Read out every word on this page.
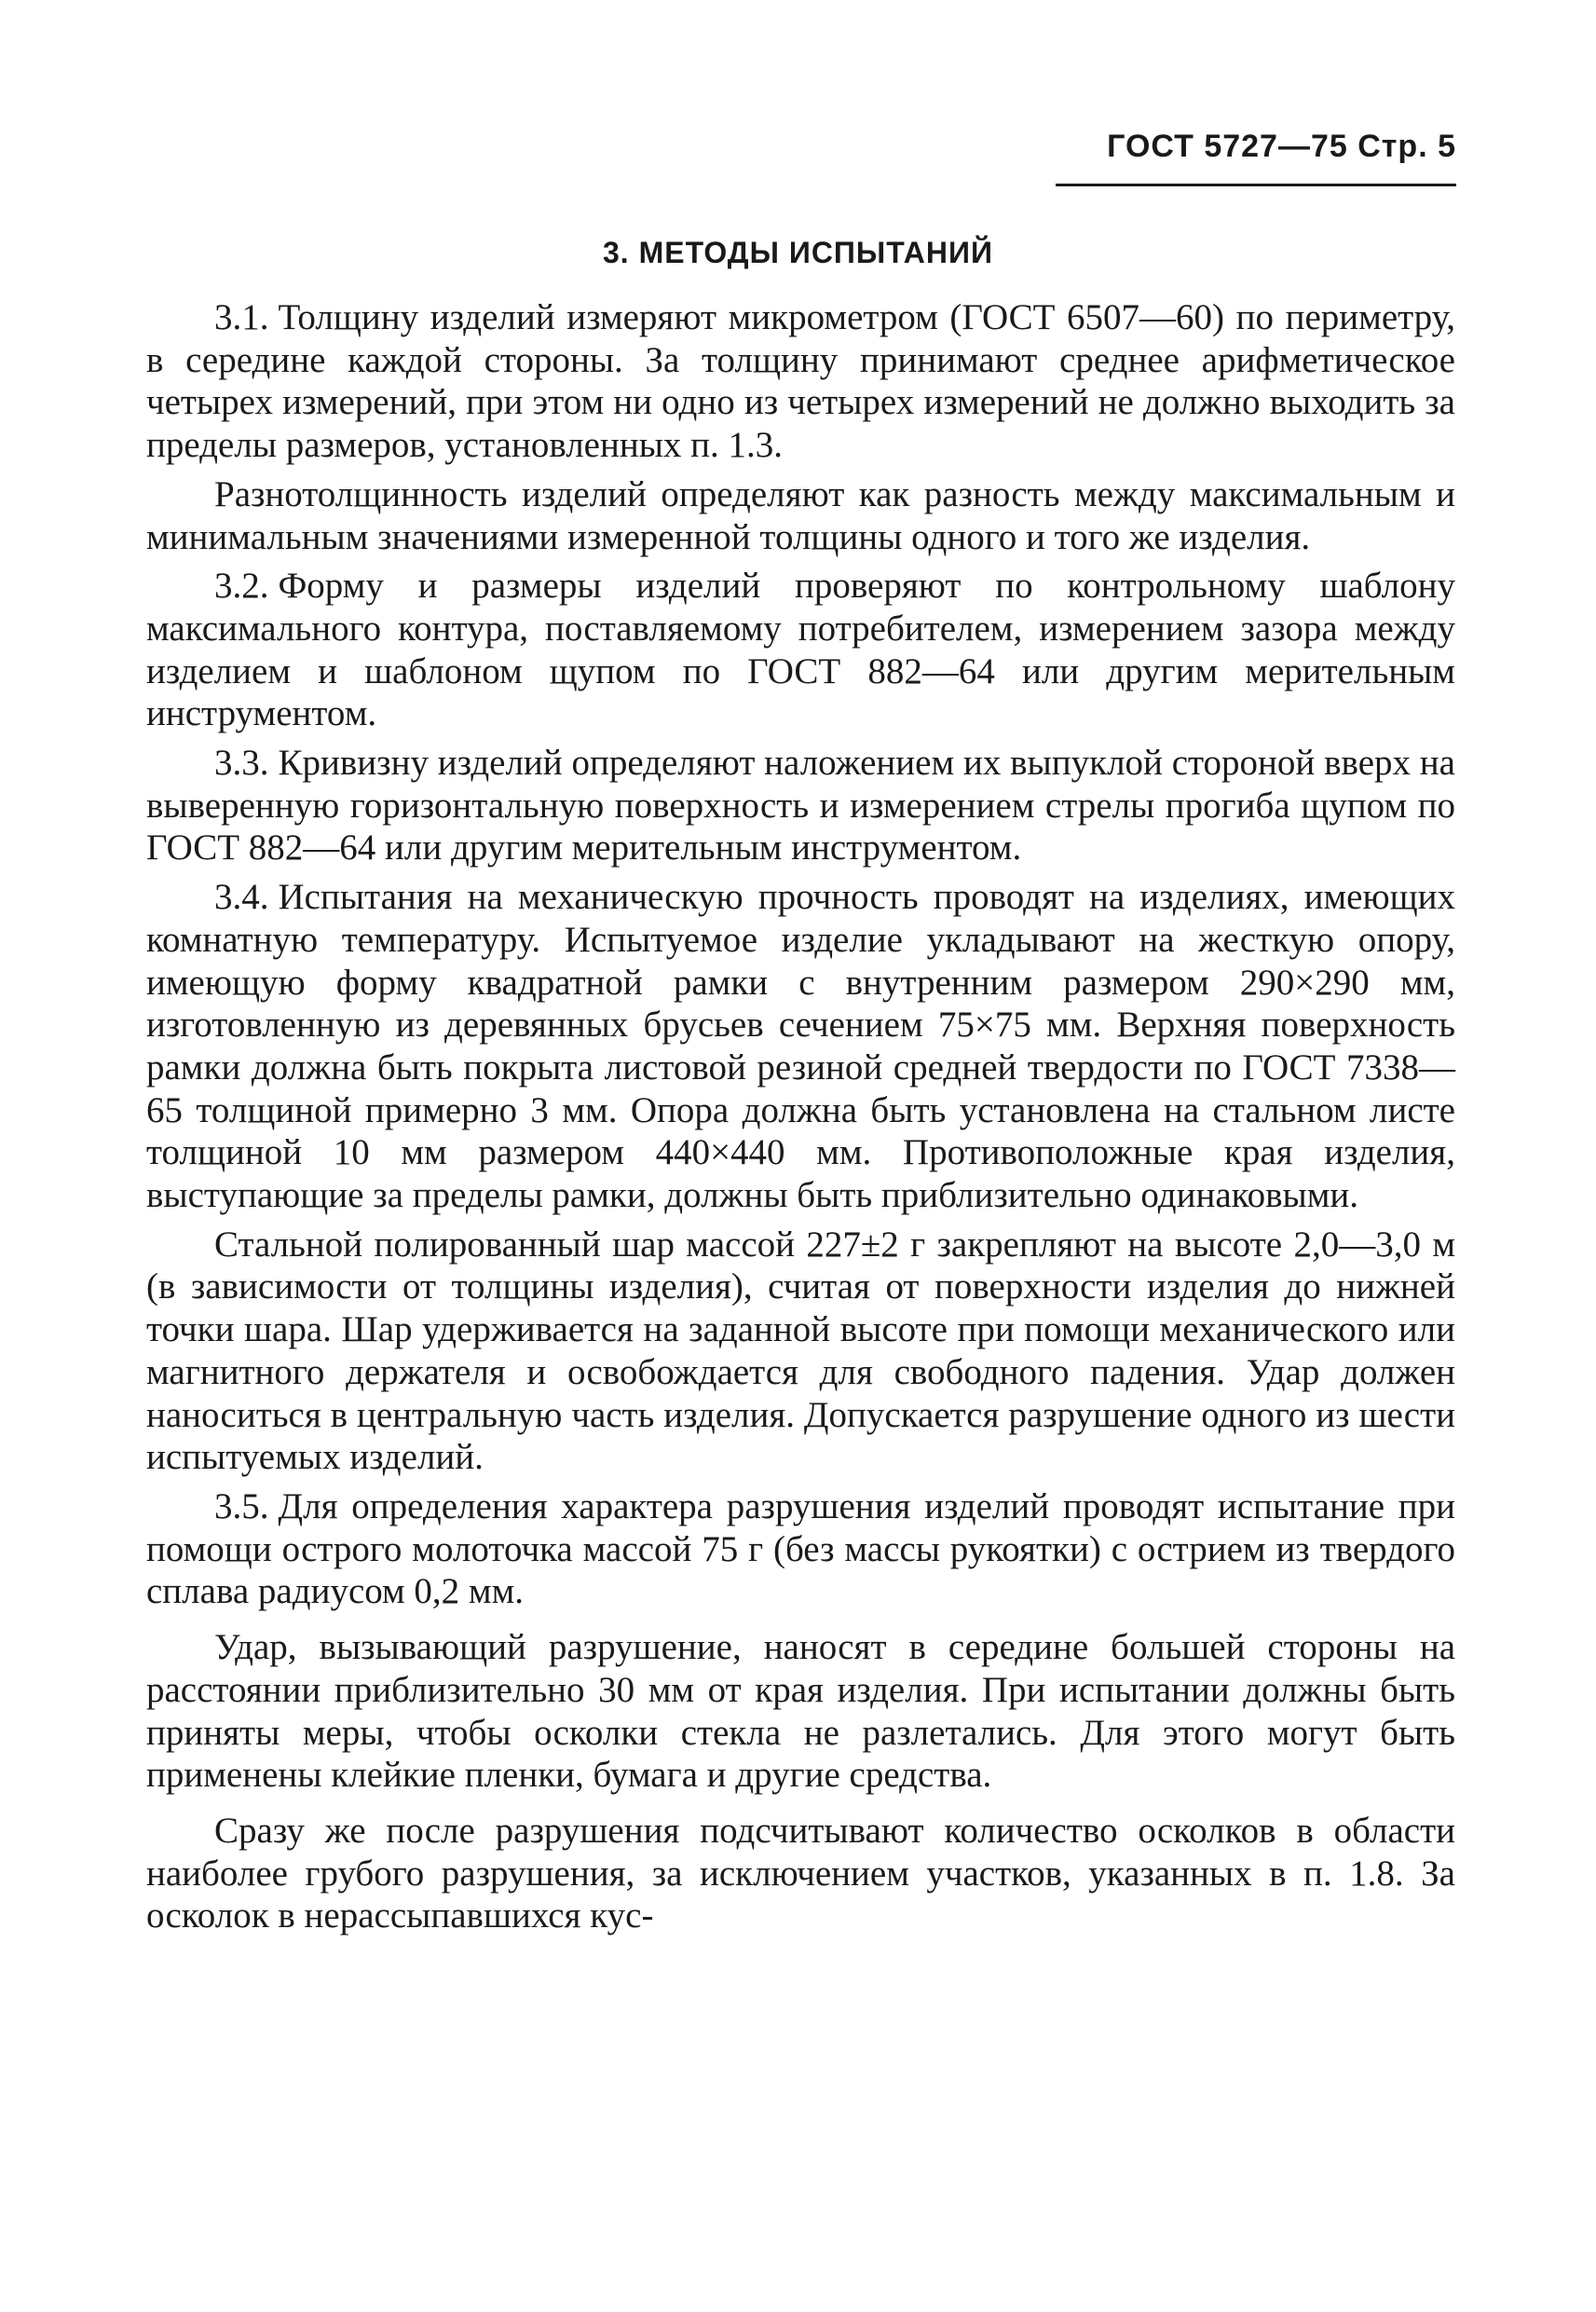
ГОСТ 5727—75 Стр. 5
3. МЕТОДЫ ИСПЫТАНИЙ

3.1. Толщину изделий измеряют микрометром (ГОСТ 6507—60) по периметру, в середине каждой стороны. За толщину принимают среднее арифметическое четырех измерений, при этом ни одно из четырех измерений не должно выходить за пределы размеров, установленных п. 1.3.

Разнотолщинность изделий определяют как разность между максимальным и минимальным значениями измеренной толщины одного и того же изделия.

3.2. Форму и размеры изделий проверяют по контрольному шаблону максимального контура, поставляемому потребителем, измерением зазора между изделием и шаблоном щупом по ГОСТ 882—64 или другим мерительным инструментом.

3.3. Кривизну изделий определяют наложением их выпуклой стороной вверх на выверенную горизонтальную поверхность и измерением стрелы прогиба щупом по ГОСТ 882—64 или другим мерительным инструментом.

3.4. Испытания на механическую прочность проводят на изделиях, имеющих комнатную температуру. Испытуемое изделие укладывают на жесткую опору, имеющую форму квадратной рамки с внутренним размером 290×290 мм, изготовленную из деревянных брусьев сечением 75×75 мм. Верхняя поверхность рамки должна быть покрыта листовой резиной средней твердости по ГОСТ 7338—65 толщиной примерно 3 мм. Опора должна быть установлена на стальном листе толщиной 10 мм размером 440×440 мм. Противоположные края изделия, выступающие за пределы рамки, должны быть приблизительно одинаковыми.

Стальной полированный шар массой 227±2 г закрепляют на высоте 2,0—3,0 м (в зависимости от толщины изделия), считая от поверхности изделия до нижней точки шара. Шар удерживается на заданной высоте при помощи механического или магнитного держателя и освобождается для свободного падения. Удар должен наноситься в центральную часть изделия. Допускается разрушение одного из шести испытуемых изделий.

3.5. Для определения характера разрушения изделий проводят испытание при помощи острого молоточка массой 75 г (без массы рукоятки) с острием из твердого сплава радиусом 0,2 мм.

Удар, вызывающий разрушение, наносят в середине большей стороны на расстоянии приблизительно 30 мм от края изделия. При испытании должны быть приняты меры, чтобы осколки стекла не разлетались. Для этого могут быть применены клейкие пленки, бумага и другие средства.

Сразу же после разрушения подсчитывают количество осколков в области наиболее грубого разрушения, за исключением участков, указанных в п. 1.8. За осколок в нерассыпавшихся кус-
